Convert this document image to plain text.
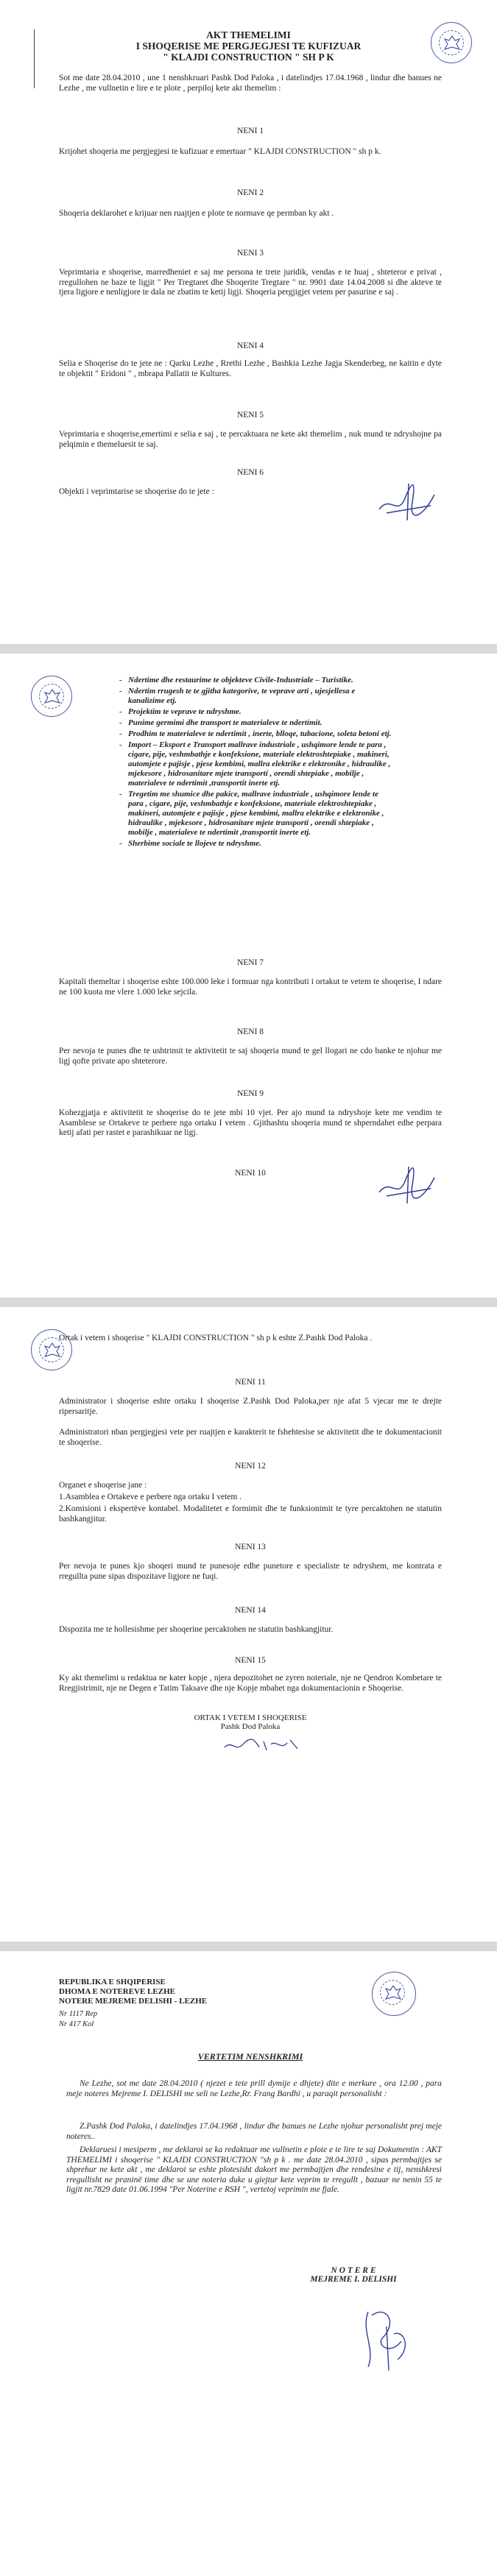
AKT THEMELIMI
I SHOQERISE ME PERGJEGJESI TE KUFIZUAR
" KLAJDI CONSTRUCTION " SH P K
Sot me date 28.04.2010 , une 1 nenshkruari Pashk Dod Paloka , i datelindjes 17.04.1968 , lindur dhe banues ne Lezhe , me vullnetin e lire e te plote , perpiloj kete akt themelim :
NENI 1
Krijohet shoqeria me pergjegjesi te kufizuar e emertuar " KLAJDI CONSTRUCTION " sh p k.
NENI 2
Shoqeria deklarohet e krijuar nen ruajtjen e plote te normave qe permban ky akt .
NENI 3
Veprimtaria e shoqerise, marredheniet e saj me persona te trete juridik, vendas e te huaj , shteteror e privat , rregullohen ne baze te ligjit " Per Tregtaret dhe Shoqerite Tregtare " nr. 9901 date 14.04.2008 si dhe akteve te tjera ligjore e nenligjore te dala ne zbatim te ketij ligji. Shoqeria pergjigjet vetem per pasurine e saj .
NENI 4
Selia e Shoqerise do te jete ne : Qarku Lezhe , Rrethi Lezhe , Bashkia Lezhe Jagja Skenderbeg, ne kaitin e dyte te objektit " Eridoni " , mbrapa Pallatit te Kultures.
NENI 5
Veprimtaria e shoqerise,emertimi e selia e saj , te percaktuara ne kete akt themelim , nuk mund te ndryshojne pa pelqimin e themeluesit te saj.
NENI 6
Objekti i veprimtarise se shoqerise do te jete :
- Ndertime dhe restaurime te objekteve Civile-Industriale – Turistike.
- Ndertim rrugesh te te gjitha kategorive, te veprave arti , ujesjellesa e kanalizime etj.
- Projektim te veprave te ndryshme.
- Punime germimi dhe transport te materialeve te ndertimit.
- Prodhim te materialeve te ndertimit , inerte, blloqe, tubacione, soleta betoni etj.
- Import – Eksport e Transport mallrave industriale , ushqimore lende te para , cigare, pije, veshmbathje e konfeksione, materiale elektroshtepiake , makineri, automjete e pajisje , pjese kembimi, mallra elektrike e elektronike , hidraulike , mjekesore , hidrosanitare mjete transporti , orendi shtepiake , mobilje , materialeve te ndertimit ,transportit inerte etj.
- Tregetim me shumice dhe pakice, mallrave industriale , ushqimore lende te para , cigare, pije, veshmbathje e konfeksione, materiale elektroshtepiake , makineri, automjete e pajisje , pjese kembimi, mallra elektrike e elektronike , hidraulike , mjekesore , hidrosanitare mjete transporti , orendi shtepiake , mobilje , materialeve te ndertimit ,transportit inerte etj.
- Sherbime sociale te llojeve te ndryshme.
NENI 7
Kapitali themeltar i shoqerise eshte 100.000 leke i formuar nga kontributi i ortakut te vetem te shoqerise, I ndare ne 100 kuota me vlere 1.000 leke sejcila.
NENI 8
Per nevoja te punes dhe te ushtrimit te aktivitetit te saj shoqeria mund te gel llogari ne cdo banke te njohur me ligj qofte private apo shteterore.
NENI 9
Kohezgjatja e aktivitetit te shoqerise do te jete mbi 10 vjet. Per ajo mund ta ndryshoje kete me vendim te Asamblese se Ortakeve te perbere nga ortaku I vetem . Gjithashtu shoqeria mund te shperndahet edhe perpara ketij afati per rastet e parashikuar ne ligj.
NENI 10
Ortak i vetem i shoqerise " KLAJDI CONSTRUCTION " sh p k eshte Z.Pashk Dod Paloka .
NENI 11
Administrator i shoqerise eshte ortaku I shoqerise Z.Pashk Dod Paloka,per nje afat 5 vjecar me te drejte ripersaritje.
Administratori nban pergjegjesi vete per ruajtjen e karakterit te fshehtesise se aktivitetit dhe te dokumentacionit te shoqerise.
NENI 12
Organet e shoqerise jane :
1.Asamblea e Ortakeve e perbere nga ortaku I vetem .
2.Komisioni i ekspertëve kontabel. Modalitetet e formimit dhe te funksionimit te tyre percaktohen ne statutin bashkangjitur.
NENI 13
Per nevoja te punes kjo shoqeri mund te punesoje edhe punetore e specialiste te ndryshem, me kontrata e rregullta pune sipas dispozitave ligjore ne fuqi.
NENI 14
Dispozita me te hollesishme per shoqerine percaktohen ne statutin bashkangjitur.
NENI 15
Ky akt themelimi u redaktua ne kater kopje , njera depozitohet ne zyren noteriale, nje ne Qendron Kombetare te Rregjistrimit, nje ne Degen e Tatim Taksave dhe nje Kopje mbahet nga dokumentacionin e Shoqerise.
ORTAK I VETEM I SHOQERISE
Pashk Dod Paloka
REPUBLIKA E SHQIPERISE
DHOMA E NOTEREVE LEZHE
NOTERE MEJREME DELISHI - LEZHE
Nr 1117 Rep
Nr 417 Kol
VERTETIM NENSHKRIMI
Ne Lezhe, sot me date 28.04.2010 ( njezet e tete prill dymije e dhjete) dite e merkure , ora 12.00 , para meje noteres Mejreme I. DELISHI me seli ne Lezhe,Rr. Frang Bardhi , u paraqit personalisht :
Z.Pashk Dod Paloka, i datelindjes 17.04.1968 , lindur dhe banues ne Lezhe njohur personalisht prej meje noteres..
Deklaruesi i mesiperm , me deklaroi se ka redaktuar me vullnetin e plote e te lire te saj Dokumentin : AKT THEMELIMI i shoqerise " KLAJDI CONSTRUCTION "sh p k . me date 28.04.2010 , sipas permbajtjes se shprehur ne kete akt , me deklaroi se eshte plotesisht dakort me permbajtjen dhe rendesine e tij, nenshkresi rregullisht ne praninë time dhe se une noteria duke u giejtur kete veprim te rregullt , bazuar ne nenin 55 te ligjit nr.7829 date 01.06.1994 "Per Noterine e RSH ", vertetoj veprimin me fjale.
N O T E R E
MEJREME I. DELISHI
